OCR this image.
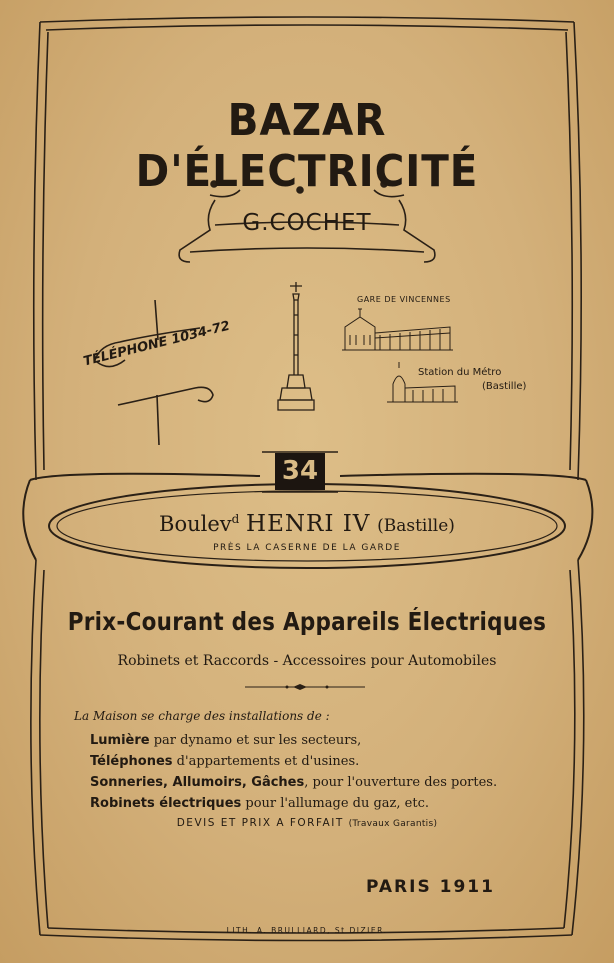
BAZAR D'ÉLECTRICITÉ
G.COCHET
TÉLÉPHONE 1034-72
GARE DE VINCENNES
Station du Métro
(Bastille)
34
Boulev$^d$ HENRI IV (Bastille)
PRÈS LA CASERNE DE LA GARDE
Prix-Courant des Appareils Électriques
Robinets et Raccords - Accessoires pour Automobiles
La Maison se charge des installations de :
Lumière par dynamo et sur les secteurs,
Téléphones d'appartements et d'usines.
Sonneries, Allumoirs, Gâches, pour l'ouverture des portes.
Robinets électriques pour l'allumage du gaz, etc.
DEVIS ET PRIX A FORFAIT (Travaux Garantis)
PARIS 1911
LITH. A. BRULLIARD, St DIZIER.
